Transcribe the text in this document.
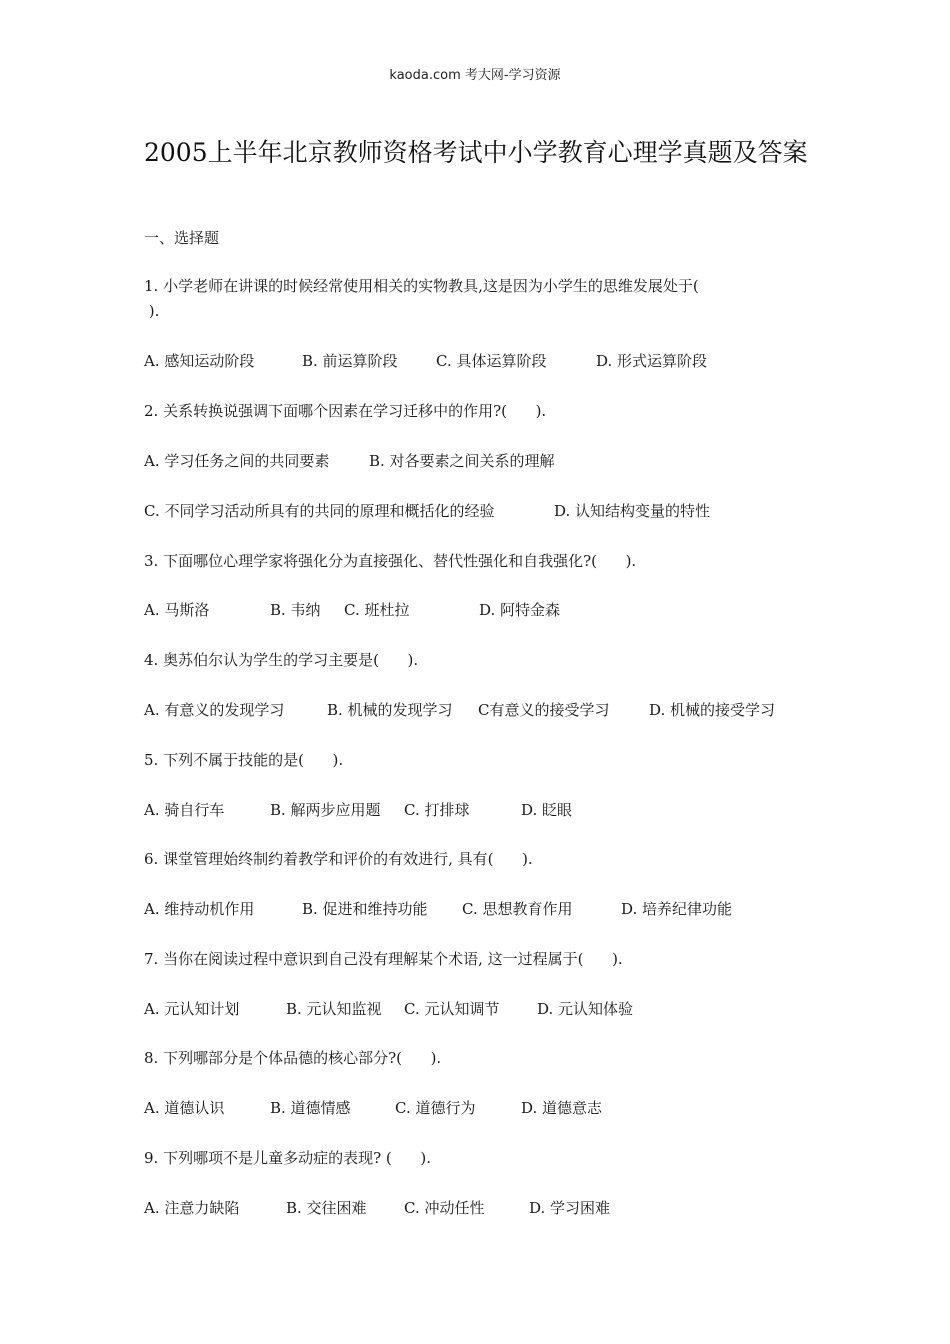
kaoda.com 考大网-学习资源
2005上半年北京教师资格考试中小学教育心理学真题及答案
一、选择题
1. 小学老师在讲课的时候经常使用相关的实物教具,这是因为小学生的思维发展处于(
).

A. 感知运动阶段

	B. 前运算阶段

	C. 具体运算阶段

	D. 形式运算阶段

2. 关系转换说强调下面哪个因素在学习迁移中的作用?(      ).

A. 学习任务之间的共同要素

	B. 对各要素之间关系的理解

C. 不同学习活动所具有的共同的原理和概括化的经验

	D. 认知结构变量的特性

3. 下面哪位心理学家将强化分为直接强化、替代性强化和自我强化?(      ).

A. 马斯洛

	B. 韦纳

C. 班杜拉

	D. 阿特金森

4. 奥苏伯尔认为学生的学习主要是(      ).

A. 有意义的发现学习

	B. 机械的发现学习

C有意义的接受学习

	D. 机械的接受学习

5. 下列不属于技能的是(      ).

A. 骑自行车

	B. 解两步应用题

C. 打排球

	D. 眨眼

6. 课堂管理始终制约着教学和评价的有效进行, 具有(      ).

A. 维持动机作用

	B. 促进和维持功能

C. 思想教育作用

	D. 培养纪律功能

7. 当你在阅读过程中意识到自己没有理解某个术语, 这一过程属于(      ).

A. 元认知计划

	B. 元认知监视

C. 元认知调节

	D. 元认知体验

8. 下列哪部分是个体品德的核心部分?(      ).

A. 道德认识

	B. 道德情感

	C. 道德行为

	D. 道德意志

9. 下列哪项不是儿童多动症的表现? (      ).

A. 注意力缺陷

	B. 交往困难

C. 冲动任性

	D. 学习困难
